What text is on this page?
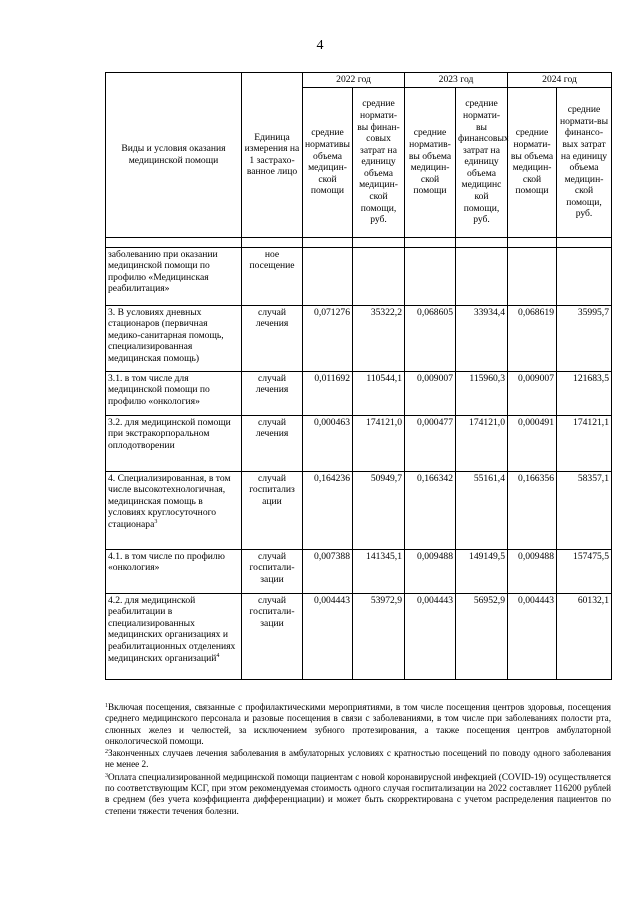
4
Виды и условия оказания медицинской помощи	Единица измерения на 1 застрахо-ванное лицо	2022 год		2023 год		2024 год	
		средние нормативы объема медицин-ской помощи	средние нормати-вы финан-совых затрат на единицу объема медицин-ской помощи, руб.	средние норматив-вы объема медицин-ской помощи	средние нормати-вы финансовых затрат на единицу объема медицинс кой помощи, руб.	средние нормати-вы объема медицин-ской помощи	средние нормати-вы финансо-вых затрат на единицу объема медицин-ской помощи, руб.

заболеванию при оказании медицинской помощи по профилю «Медицинская реабилитация»	ное посещение						
3. В условиях дневных стационаров (первичная медико-санитарная помощь, специализированная медицинская помощь)	случай лечения	0,071276	35322,2	0,068605	33934,4	0,068619	35995,7
3.1. в том числе для медицинской помощи по профилю «онкология»	случай лечения	0,011692	110544,1	0,009007	115960,3	0,009007	121683,5
3.2. для медицинской помощи при экстракорпоральном оплодотворении	случай лечения	0,000463	174121,0	0,000477	174121,0	0,000491	174121,1
4. Специализированная, в том числе высокотехнологичная, медицинская помощь в условиях круглосуточного стационара$^3$	случай госпитализ ации	0,164236	50949,7	0,166342	55161,4	0,166356	58357,1
4.1. в том числе по профилю «онкология»	случай госпитали-зации	0,007388	141345,1	0,009488	149149,5	0,009488	157475,5
4.2. для медицинской реабилитации в специализированных медицинских организациях и реабилитационных отделениях медицинских организаций$^4$	случай госпитали-зации	0,004443	53972,9	0,004443	56952,9	0,004443	60132,1

$^1$Включая посещения, связанные с профилактическими мероприятиями, в том числе посещения центров здоровья, посещения среднего медицинского персонала и разовые посещения в связи с заболеваниями, в том числе при заболеваниях полости рта, слюнных желез и челюстей, за исключением зубного протезирования, а также посещения центров амбулаторной онкологической помощи.

$^2$Законченных случаев лечения заболевания в амбулаторных условиях с кратностью посещений по поводу одного заболевания не менее 2.

$^3$Оплата специализированной медицинской помощи пациентам с новой коронавирусной инфекцией (COVID-19) осуществляется по соответствующим КСГ, при этом рекомендуемая стоимость одного случая госпитализации на 2022 составляет 116200 рублей в среднем (без учета коэффициента дифференциации) и может быть скорректирована с учетом распределения пациентов по степени тяжести течения болезни.
